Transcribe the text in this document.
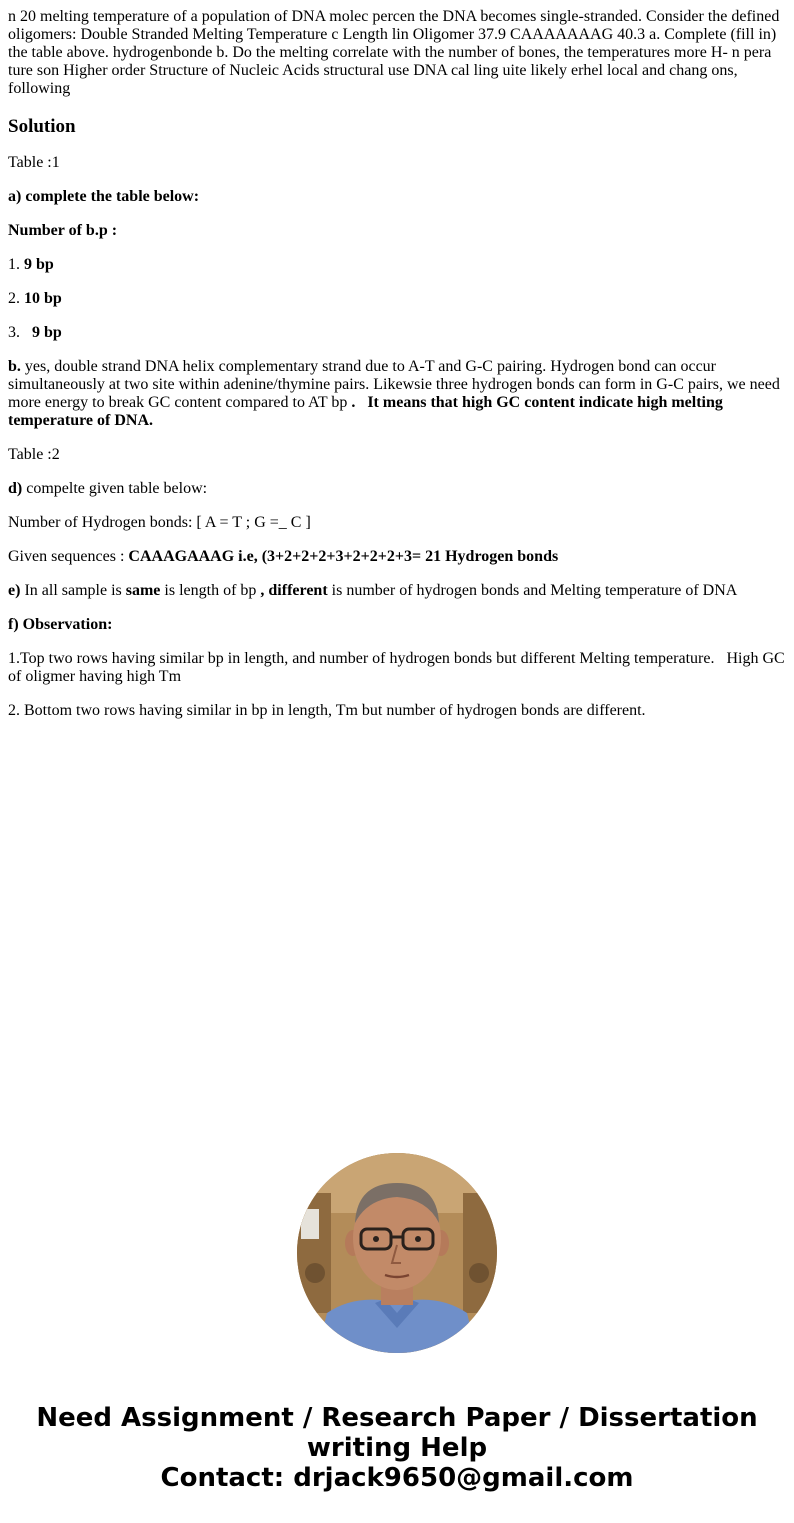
n 20 melting temperature of a population of DNA molec percen the DNA becomes single-stranded. Consider the defined oligomers: Double Stranded Melting Temperature c Length lin Oligomer 37.9 CAAAAAAAG 40.3 a. Complete (fill in) the table above. hydrogenbonde b. Do the melting correlate with the number of bones, the temperatures more H- n pera ture son Higher order Structure of Nucleic Acids structural use DNA cal ling uite likely erhel local and chang ons, following

Solution

Table :1

a) complete the table below:

Number of b.p :

1. 9 bp

2. 10 bp

3.   9 bp

b. yes, double strand DNA helix complementary strand due to A-T and G-C pairing. Hydrogen bond can occur simultaneously at two site within adenine/thymine pairs. Likewsie three hydrogen bonds can form in G-C pairs, we need more energy to break GC content compared to AT bp .   It means that high GC content indicate high melting temperature of DNA.

Table :2

d) compelte given table below:

Number of Hydrogen bonds: [ A = T ; G =_ C ]

Given sequences : CAAAGAAAG i.e, (3+2+2+2+3+2+2+2+3= 21 Hydrogen bonds

e) In all sample is same is length of bp , different is number of hydrogen bonds and Melting temperature of DNA

f) Observation:

1.Top two rows having similar bp in length, and number of hydrogen bonds but different Melting temperature.   High GC of oligmer having high Tm

2. Bottom two rows having similar in bp in length, Tm but number of hydrogen bonds are different.

Need Assignment / Research Paper / Dissertation
writing Help
Contact: drjack9650@gmail.com
